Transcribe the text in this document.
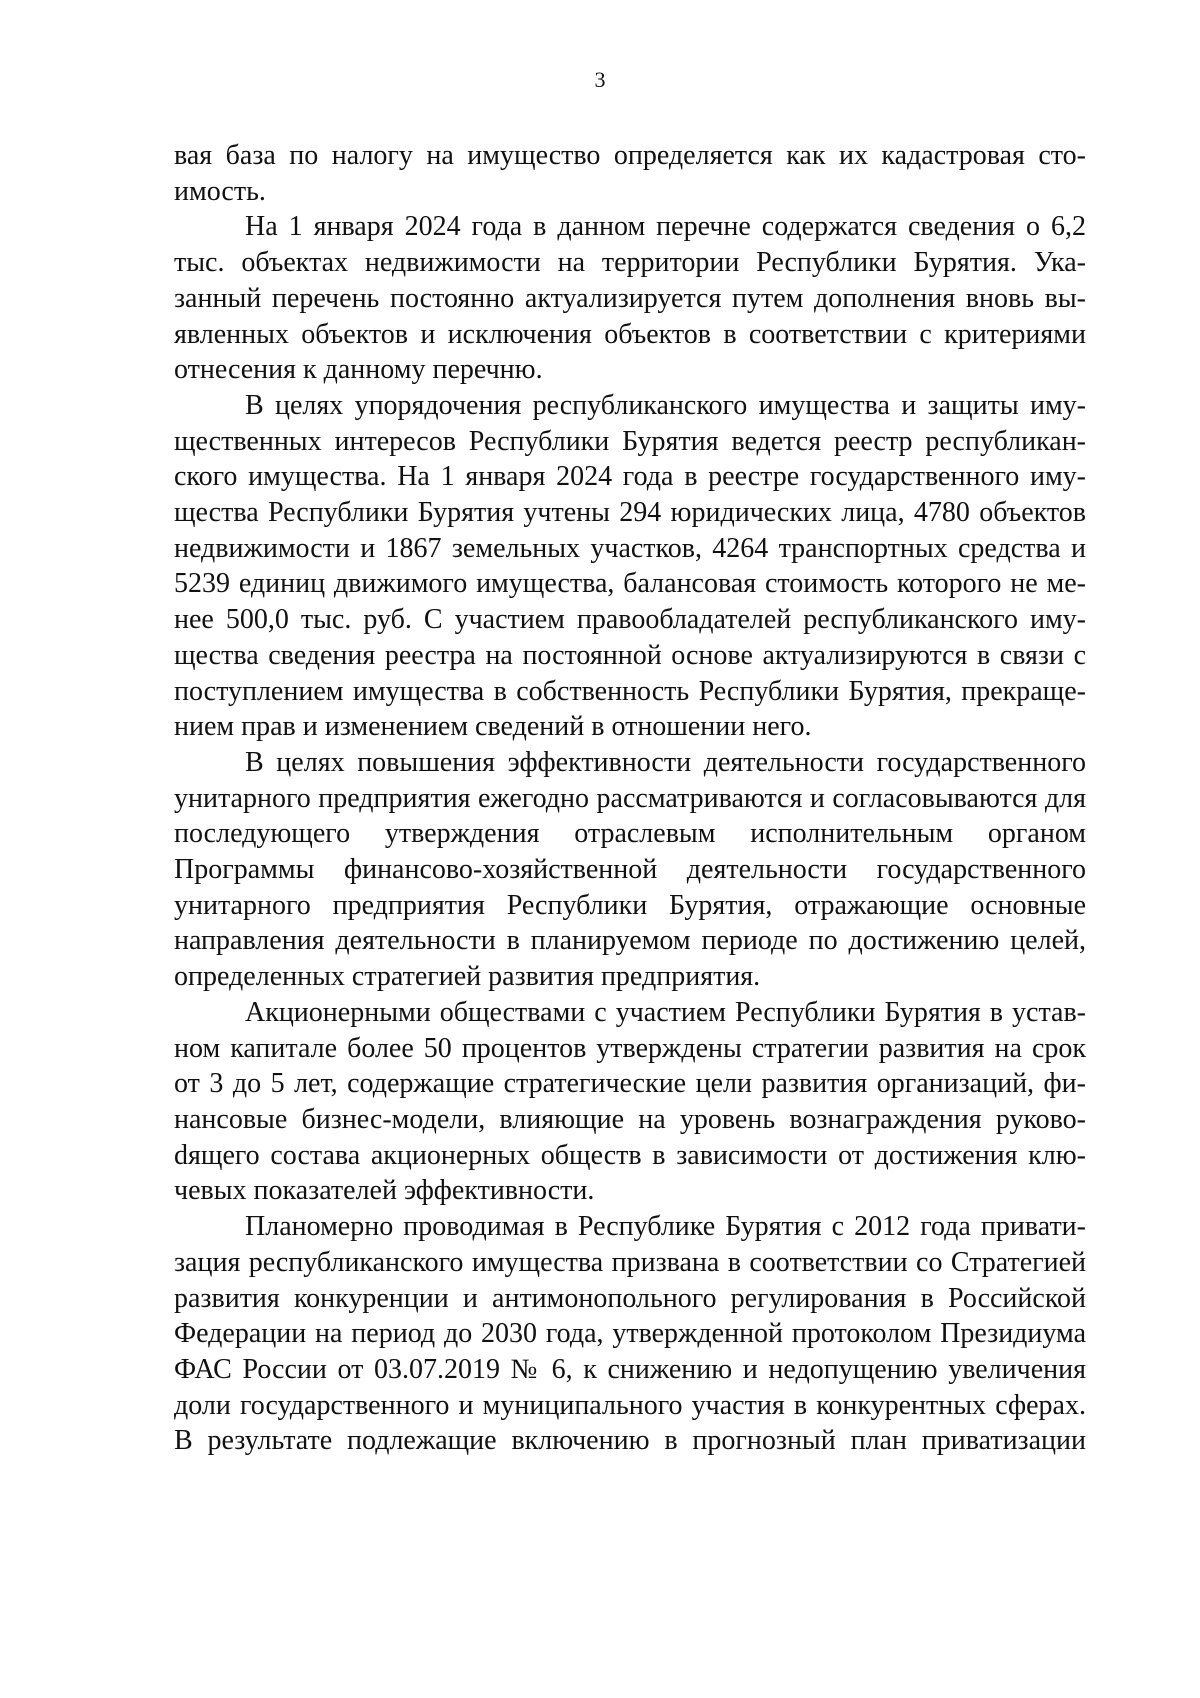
3

вая база по налогу на имущество определяется как их кадастровая стоимость.

На 1 января 2024 года в данном перечне содержатся сведения о 6,2 тыс. объектах недвижимости на территории Республики Бурятия. Указанный перечень постоянно актуализируется путем дополнения вновь выявленных объектов и исключения объектов в соответствии с критериями отнесения к данному перечню.

В целях упорядочения республиканского имущества и защиты имущественных интересов Республики Бурятия ведется реестр республиканского имущества. На 1 января 2024 года в реестре государственного имущества Республики Бурятия учтены 294 юридических лица, 4780 объектов недвижимости и 1867 земельных участков, 4264 транспортных средства и 5239 единиц движимого имущества, балансовая стоимость которого не менее 500,0 тыс. руб. С участием правообладателей республиканского имущества сведения реестра на постоянной основе актуализируются в связи с поступлением имущества в собственность Республики Бурятия, прекращением прав и изменением сведений в отношении него.

В целях повышения эффективности деятельности государственного унитарного предприятия ежегодно рассматриваются и согласовываются для последующего утверждения отраслевым исполнительным органом Программы финансово-хозяйственной деятельности государственного унитарного предприятия Республики Бурятия, отражающие основные направления деятельности в планируемом периоде по достижению целей, определенных стратегией развития предприятия.

Акционерными обществами с участием Республики Бурятия в уставном капитале более 50 процентов утверждены стратегии развития на срок от 3 до 5 лет, содержащие стратегические цели развития организаций, финансовые бизнес-модели, влияющие на уровень вознаграждения руковоdящего состава акционерных обществ в зависимости от достижения ключевых показателей эффективности.

Планомерно проводимая в Республике Бурятия с 2012 года приватизация республиканского имущества призвана в соответствии со Стратегией развития конкуренции и антимонопольного регулирования в Российской Федерации на период до 2030 года, утвержденной протоколом Президиума ФАС России от 03.07.2019 № 6, к снижению и недопущению увеличения доли государственного и муниципального участия в конкурентных сферах. В результате подлежащие включению в прогнозный план приватизации
